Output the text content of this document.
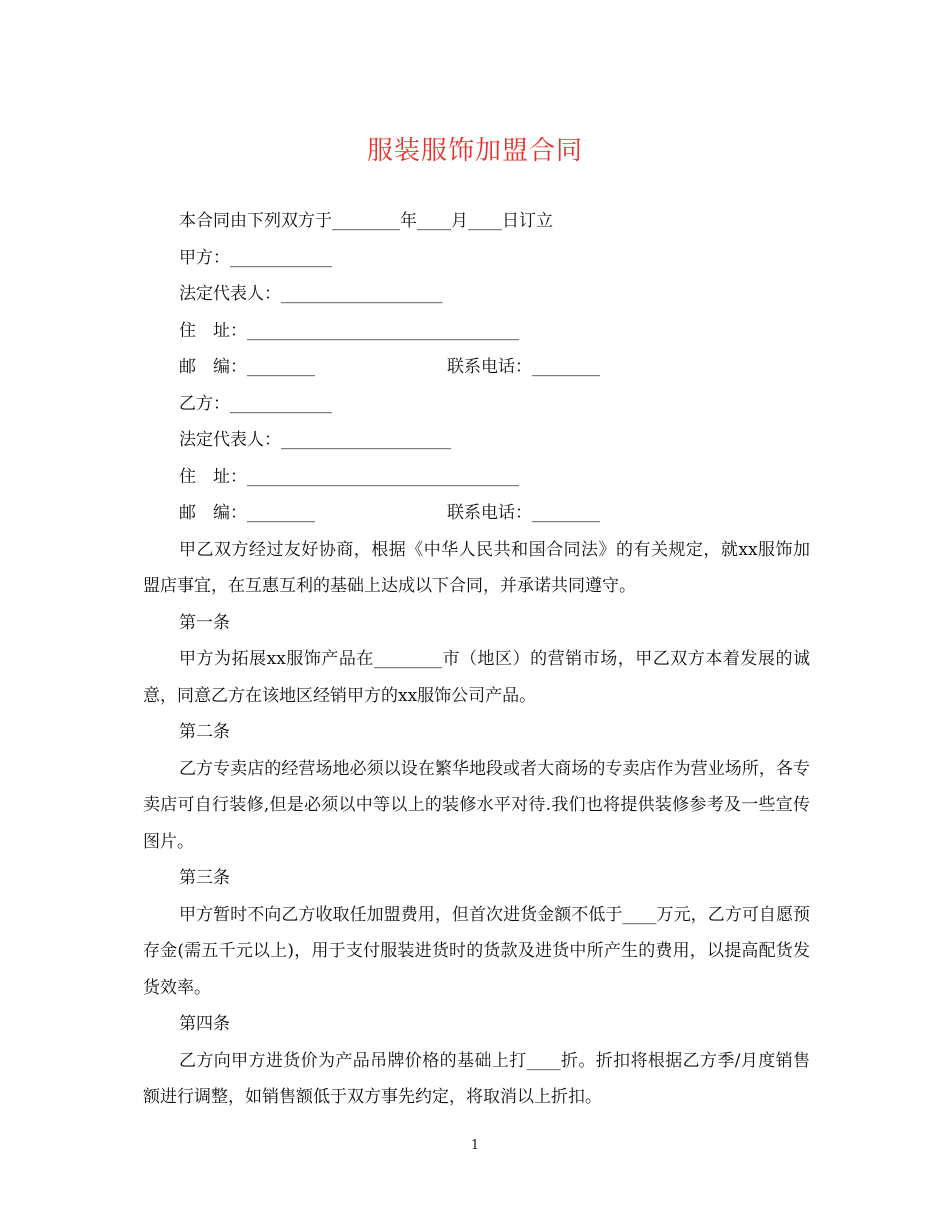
服装服饰加盟合同
本合同由下列双方于________年____月____日订立
甲方：____________
法定代表人：___________________
住　址：________________________________
邮　编：________	联系电话：________
乙方：____________
法定代表人：____________________
住　址：________________________________
邮　编：________	联系电话：________
甲乙双方经过友好协商，根据《中华人民共和国合同法》的有关规定，就xx服饰加盟店事宜，在互惠互利的基础上达成以下合同，并承诺共同遵守。
第一条
甲方为拓展xx服饰产品在________市（地区）的营销市场，甲乙双方本着发展的诚意，同意乙方在该地区经销甲方的xx服饰公司产品。
第二条
乙方专卖店的经营场地必须以设在繁华地段或者大商场的专卖店作为营业场所，各专卖店可自行装修,但是必须以中等以上的装修水平对待.我们也将提供装修参考及一些宣传图片。
第三条
甲方暂时不向乙方收取任加盟费用，但首次进货金额不低于____万元，乙方可自愿预存金(需五千元以上)，用于支付服装进货时的货款及进货中所产生的费用，以提高配货发货效率。
第四条
乙方向甲方进货价为产品吊牌价格的基础上打____折。折扣将根据乙方季/月度销售额进行调整，如销售额低于双方事先约定，将取消以上折扣。
1
